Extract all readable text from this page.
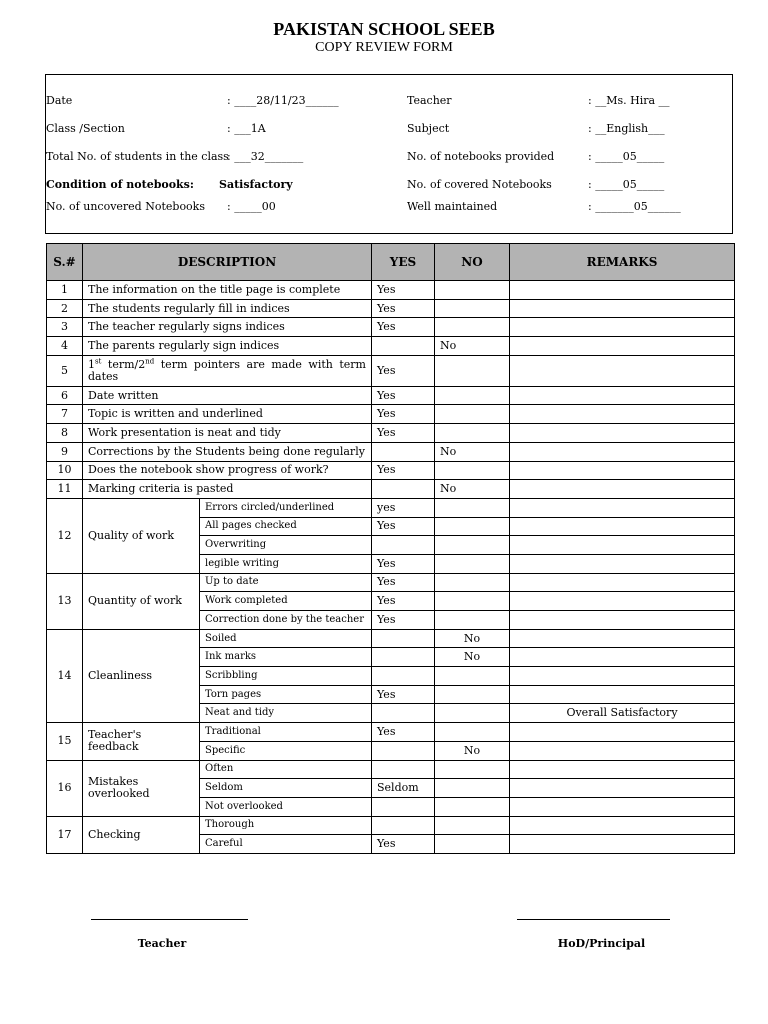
PAKISTAN SCHOOL SEEB
COPY REVIEW FORM
Date	: ____28/11/23______
Class /Section	: ___1A
Total No. of students in the class
: ___32_______
Condition of notebooks: Satisfactory
No. of uncovered Notebooks : _____00
Teacher	: __Ms. Hira __
Subject	: __English___
No. of notebooks provided	: _____05_____
No. of covered Notebooks	: _____05_____
Well maintained	: _______05______
S.#	DESCRIPTION		YES	NO	REMARKS
1	The information on the title page is complete		Yes		
2	The students regularly fill in indices		Yes		
3	The teacher regularly signs indices		Yes		
4	The parents regularly sign indices			No	
5	1st term/2nd term pointers are made with term dates		Yes		
6	Date written		Yes		
7	Topic is written and underlined		Yes		
8	Work presentation is neat and tidy		Yes		
9	Corrections by the Students being done regularly			No	
10	Does the notebook show progress of work?		Yes		
11	Marking criteria is pasted			No	
12	Quality of work	Errors circled/underlined	yes		
		All pages checked	Yes		
		Overwriting			
		legible writing	Yes		
13	Quantity of work	Up to date	Yes		
		Work completed	Yes		
		Correction done by the teacher	Yes		
14	Cleanliness	Soiled		No	
		Ink marks		No	
		Scribbling			
		Torn pages	Yes		
		Neat and tidy			Overall Satisfactory
15	Teacher's feedback	Traditional	Yes		
		Specific		No	
16	Mistakes overlooked	Often			
		Seldom	Seldom		
		Not overlooked			
17	Checking	Thorough			
		Careful	Yes		
Teacher	HoD/Principal
